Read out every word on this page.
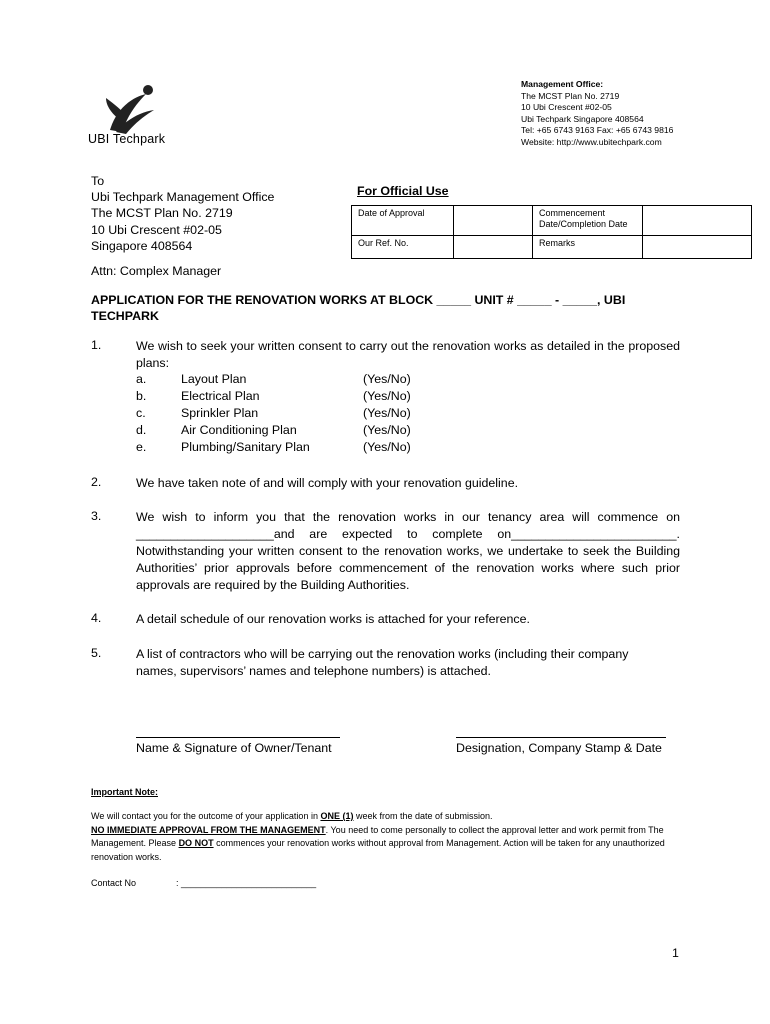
UBI Techpark
Management Office:
The MCST Plan No. 2719
10 Ubi Crescent #02-05
Ubi Techpark Singapore 408564
Tel: +65 6743 9163 Fax: +65 6743 9816
Website: http://www.ubitechpark.com
To
Ubi Techpark Management Office
The MCST Plan No. 2719
10 Ubi Crescent #02-05
Singapore 408564
For Official Use
Date of Approval		Commencement
Date/Completion Date	
Our Ref. No.		Remarks	
Attn: Complex Manager
APPLICATION FOR THE RENOVATION WORKS AT BLOCK _____ UNIT # _____ - _____, UBI
TECHPARK
1.	We wish to seek your written consent to carry out the renovation works as detailed in the proposed plans:
a.	Layout Plan	(Yes/No)
b.	Electrical Plan	(Yes/No)
c.	Sprinkler Plan	(Yes/No)
d.	Air Conditioning Plan	(Yes/No)
e.	Plumbing/Sanitary Plan	(Yes/No)
2.	We have taken note of and will comply with your renovation guideline.
3.	We wish to inform you that the renovation works in our tenancy area will commence on ____________________and are expected to complete on________________________. Notwithstanding your written consent to the renovation works, we undertake to seek the Building Authorities’ prior approvals before commencement of the renovation works where such prior approvals are required by the Building Authorities.
4.	A detail schedule of our renovation works is attached for your reference.
5.	A list of contractors who will be carrying out the renovation works (including their company names, supervisors’ names and telephone numbers) is attached.
Name & Signature of Owner/Tenant	Designation, Company Stamp & Date
Important Note:
We will contact you for the outcome of your application in ONE (1) week from the date of submission.
NO IMMEDIATE APPROVAL FROM THE MANAGEMENT. You need to come personally to collect the approval letter and work permit from The Management. Please DO NOT commences your renovation works without approval from Management. Action will be taken for any unauthorized renovation works.
Contact No	: ___________________________
1
